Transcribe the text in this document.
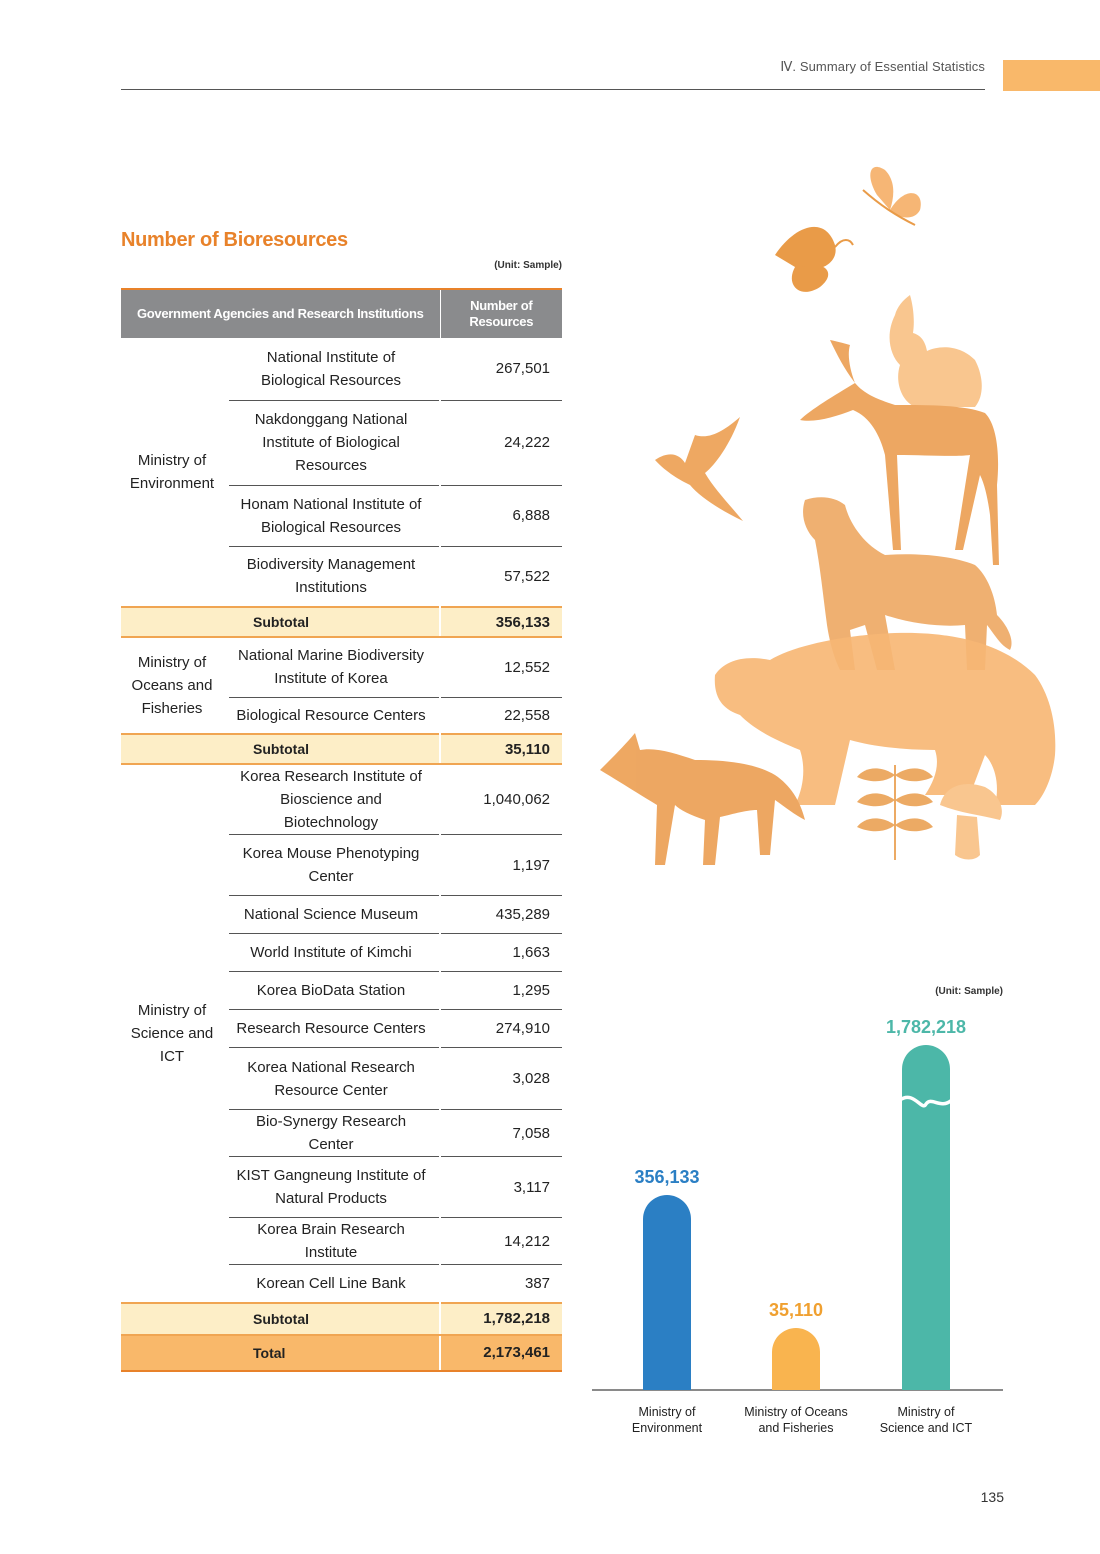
Ⅳ. Summary of Essential Statistics
Number of Bioresources
(Unit: Sample)
Government Agencies and Research Institutions		Number of Resources
Ministry of Environment	National Institute of Biological Resources	267,501
	Nakdonggang National Institute of Biological Resources	24,222
	Honam National Institute of Biological Resources	6,888
	Biodiversity Management Institutions	57,522
	Subtotal	356,133
Ministry of Oceans and Fisheries	National Marine Biodiversity Institute of Korea	12,552
	Biological Resource Centers	22,558
	Subtotal	35,110
Ministry of Science and ICT	Korea Research Institute of Bioscience and Biotechnology	1,040,062
	Korea Mouse Phenotyping Center	1,197
	National Science Museum	435,289
	World Institute of Kimchi	1,663
	Korea BioData Station	1,295
	Research Resource Centers	274,910
	Korea National Research Resource Center	3,028
	Bio-Synergy Research Center	7,058
	KIST Gangneung Institute of Natural Products	3,117
	Korea Brain Research Institute	14,212
	Korean Cell Line Bank	387
	Subtotal	1,782,218
	Total	2,173,461
(Unit: Sample)
356,133
Ministry of Environment
35,110
Ministry of Oceans and Fisheries
1,782,218
Ministry of Science and ICT
135
